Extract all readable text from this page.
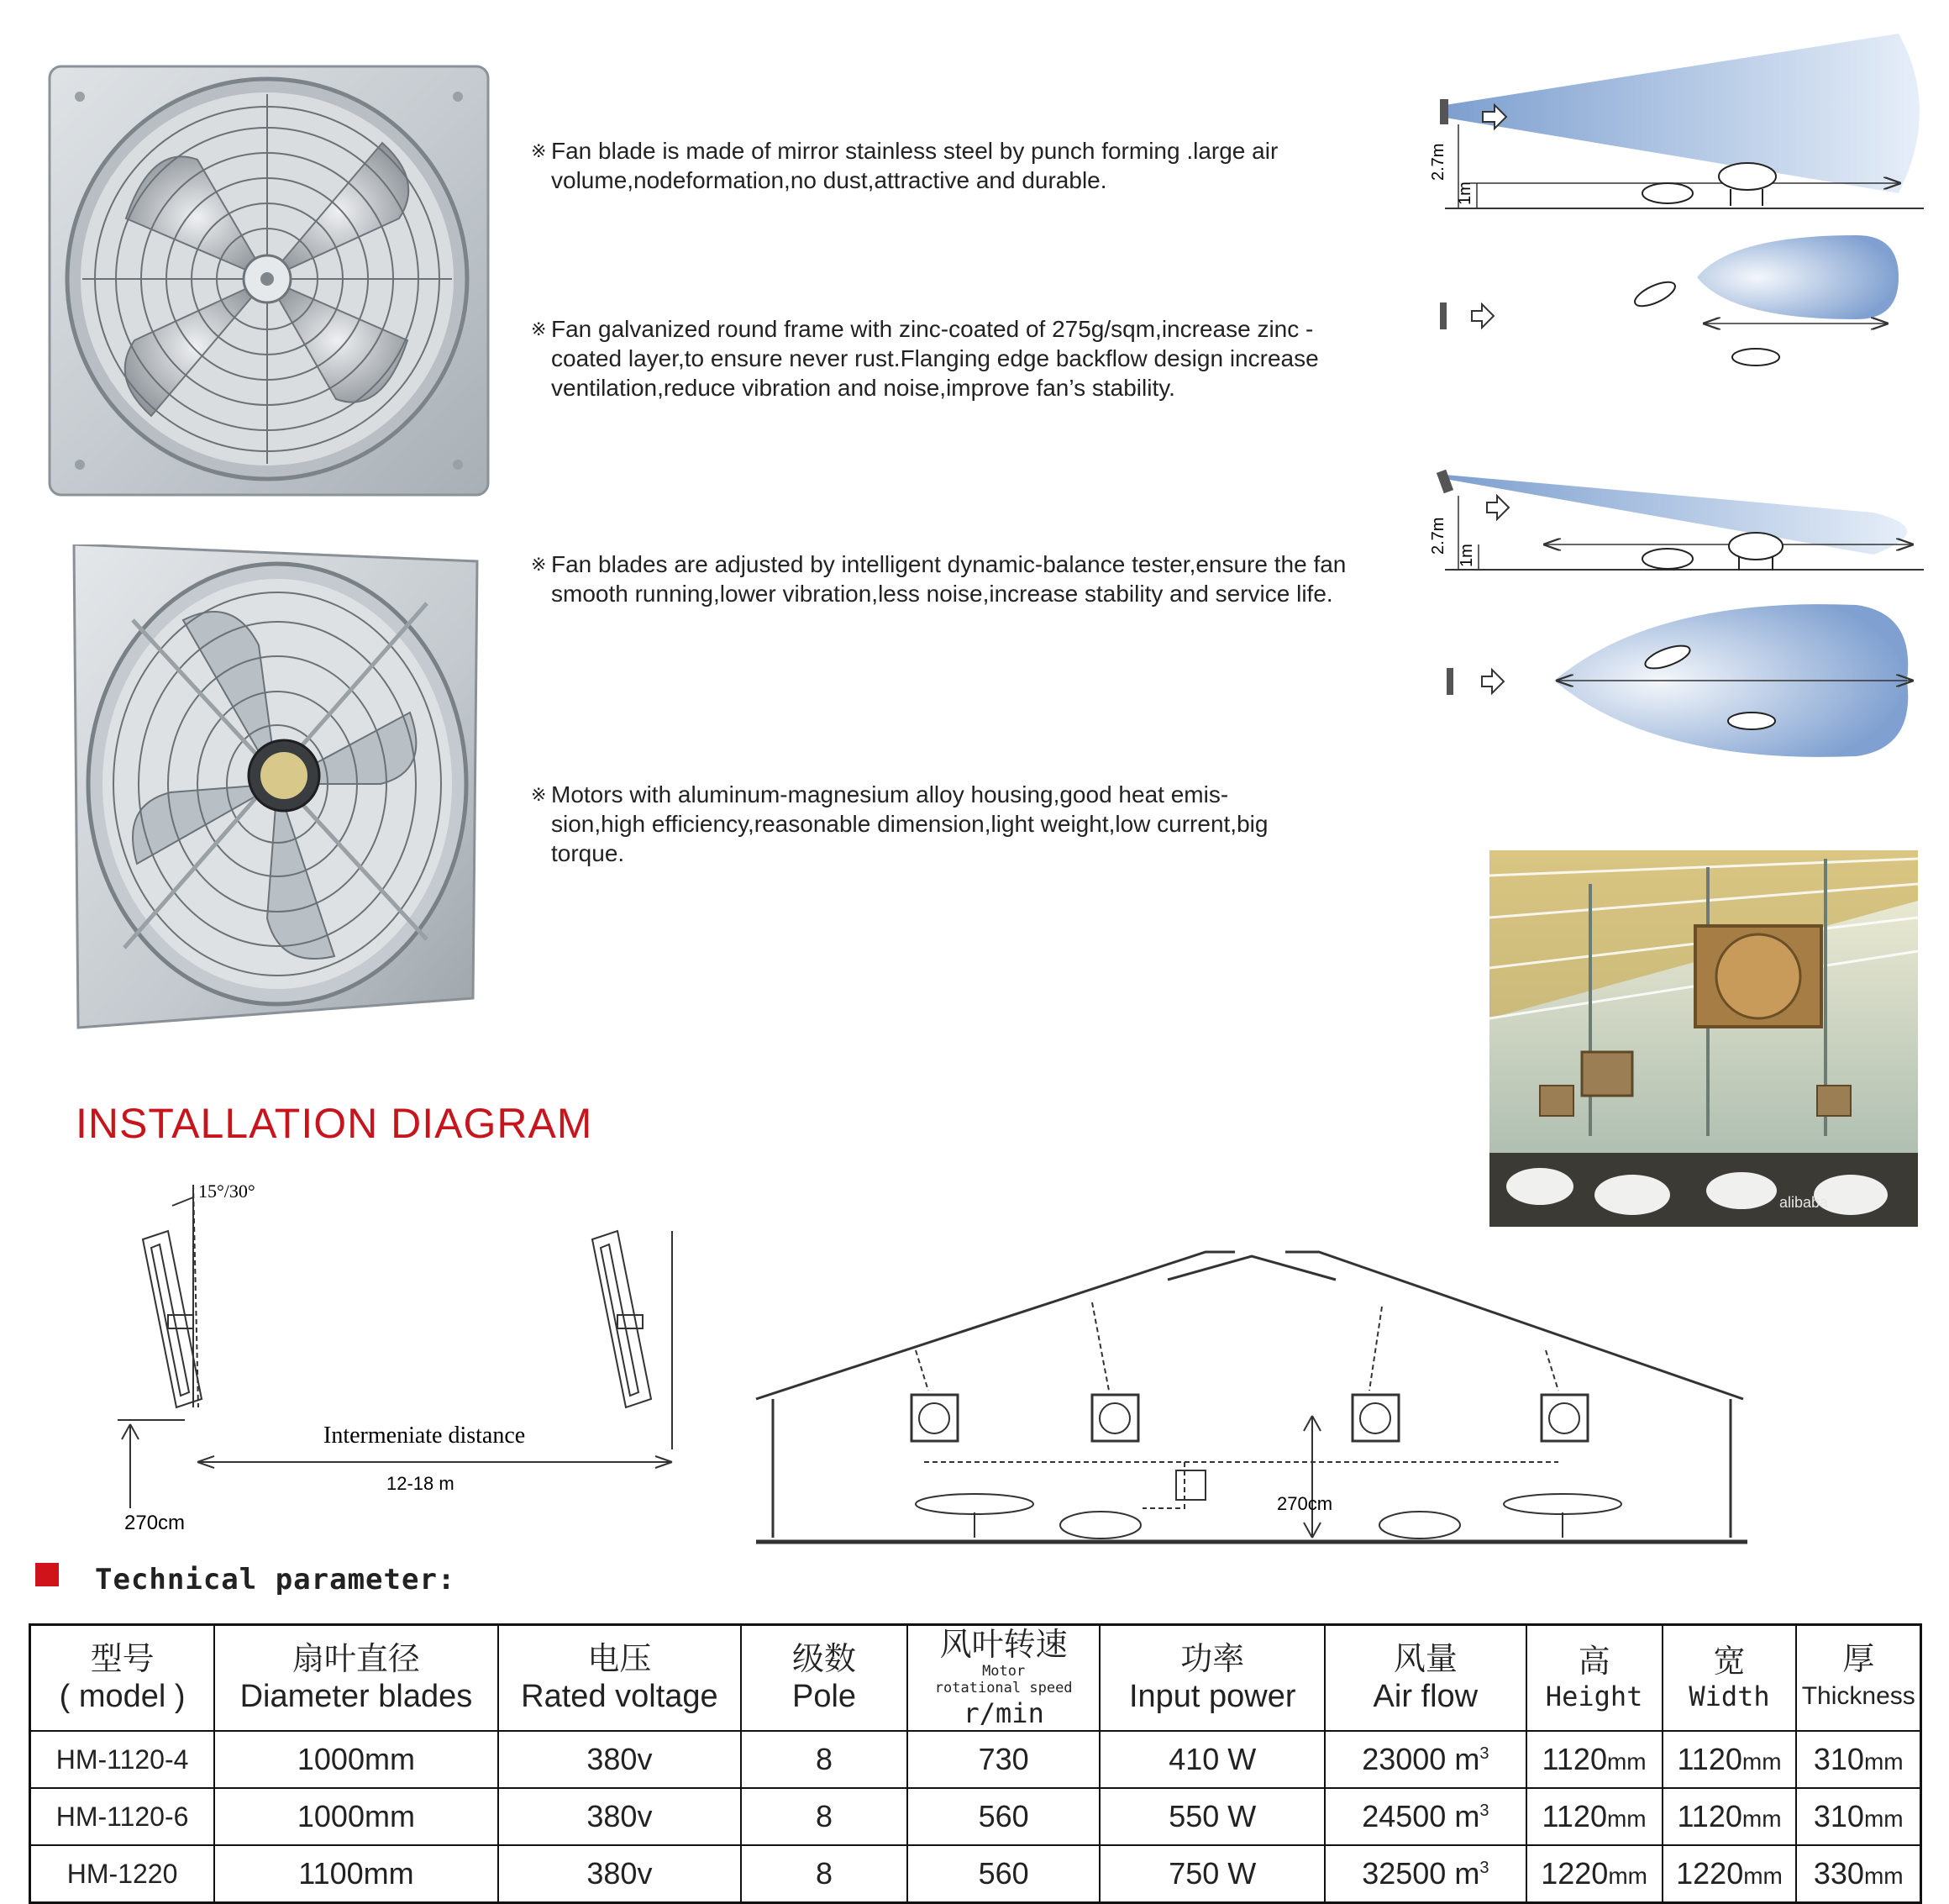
※ Fan blade is made of mirror stainless steel by punch forming .large air volume,nodeformation,no dust,attractive and durable.
※ Fan galvanized round frame with zinc-coated of 275g/sqm,increase zinc -coated layer,to ensure never rust.Flanging edge backflow design increase ventilation,reduce vibration and noise,improve fan’s stability.
※ Fan blades are adjusted by intelligent dynamic-balance tester,ensure the fan smooth running,lower vibration,less noise,increase stability and service life.
※ Motors with aluminum-magnesium alloy housing,good heat emis- sion,high efficiency,reasonable dimension,light weight,low current,big torque.
2.7m
1m
2.7m
1m
alibaba
INSTALLATION DIAGRAM
15°/30°
Intermeniate distance
12-18 m
270cm
270cm
Technical parameter:
型号
( model )	扇叶直径
Diameter blades	电压
Rated voltage	级数
Pole	风叶转速
Motor
rotational speed
r/min	功率
Input power	风量
Air flow	高
Height	宽
Width	厚
Thickness

HM-1120-4	1000mm	380v	8	730	410 W	23000 $m^3$	1120mm	1120mm	310mm
HM-1120-6	1000mm	380v	8	560	550 W	24500 $m^3$	1120mm	1120mm	310mm
HM-1220	1100mm	380v	8	560	750 W	32500 $m^3$	1220mm	1220mm	330mm
